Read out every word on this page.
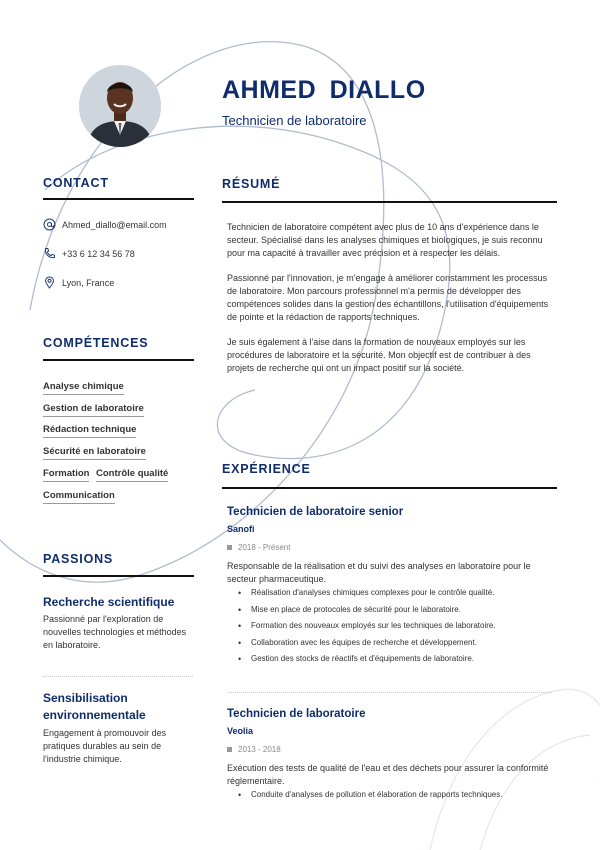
AHMED DIALLO
Technicien de laboratoire
CONTACT
Ahmed_diallo@email.com
+33 6 12 34 56 78
Lyon, France
COMPÉTENCES
Analyse chimique
Gestion de laboratoire
Rédaction technique
Sécurité en laboratoire
Formation Contrôle qualité
Communication
PASSIONS
Recherche scientifique
Passionné par l'exploration de nouvelles technologies et méthodes en laboratoire.
Sensibilisation environnementale
Engagement à promouvoir des pratiques durables au sein de l'industrie chimique.
RÉSUMÉ

Technicien de laboratoire compétent avec plus de 10 ans d'expérience dans le secteur. Spécialisé dans les analyses chimiques et biologiques, je suis reconnu pour ma capacité à travailler avec précision et à respecter les délais.

Passionné par l'innovation, je m'engage à améliorer constamment les processus de laboratoire. Mon parcours professionnel m'a permis de développer des compétences solides dans la gestion des échantillons, l'utilisation d'équipements de pointe et la rédaction de rapports techniques.

Je suis également à l'aise dans la formation de nouveaux employés sur les procédures de laboratoire et la sécurité. Mon objectif est de contribuer à des projets de recherche qui ont un impact positif sur la société.

EXPÉRIENCE
Technicien de laboratoire senior
Sanofi
2018 - Présent
Responsable de la réalisation et du suivi des analyses en laboratoire pour le secteur pharmaceutique.
• Réalisation d'analyses chimiques complexes pour le contrôle qualité.
• Mise en place de protocoles de sécurité pour le laboratoire.
• Formation des nouveaux employés sur les techniques de laboratoire.
• Collaboration avec les équipes de recherche et développement.
• Gestion des stocks de réactifs et d'équipements de laboratoire.
Technicien de laboratoire
Veolia
2013 - 2018
Exécution des tests de qualité de l'eau et des déchets pour assurer la conformité réglementaire.
• Conduite d'analyses de pollution et élaboration de rapports techniques.
